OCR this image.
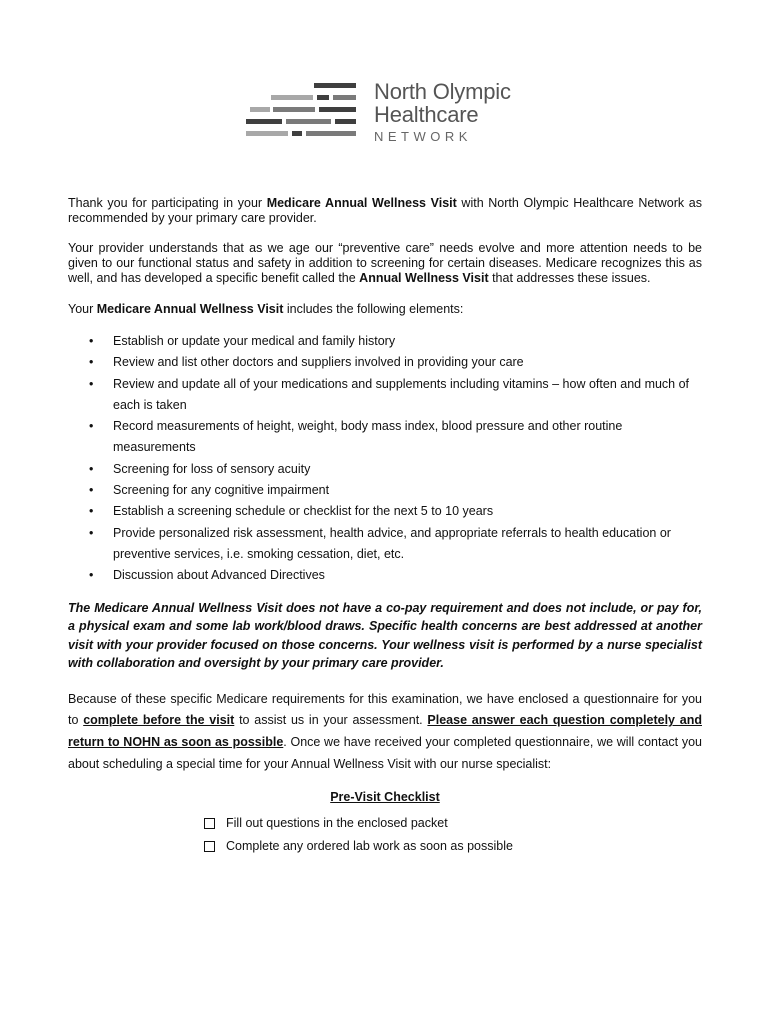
North Olympic
Healthcare
NETWORK

Thank you for participating in your Medicare Annual Wellness Visit with North Olympic Healthcare Network as recommended by your primary care provider.

Your provider understands that as we age our “preventive care” needs evolve and more attention needs to be given to our functional status and safety in addition to screening for certain diseases. Medicare recognizes this as well, and has developed a specific benefit called the Annual Wellness Visit that addresses these issues.

Your Medicare Annual Wellness Visit includes the following elements:

• Establish or update your medical and family history
• Review and list other doctors and suppliers involved in providing your care
• Review and update all of your medications and supplements including vitamins – how often and much of each is taken
• Record measurements of height, weight, body mass index, blood pressure and other routine measurements
• Screening for loss of sensory acuity
• Screening for any cognitive impairment
• Establish a screening schedule or checklist for the next 5 to 10 years
• Provide personalized risk assessment, health advice, and appropriate referrals to health education or preventive services, i.e. smoking cessation, diet, etc.
• Discussion about Advanced Directives

The Medicare Annual Wellness Visit does not have a co-pay requirement and does not include, or pay for, a physical exam and some lab work/blood draws. Specific health concerns are best addressed at another visit with your provider focused on those concerns. Your wellness visit is performed by a nurse specialist with collaboration and oversight by your primary care provider.

Because of these specific Medicare requirements for this examination, we have enclosed a questionnaire for you to complete before the visit to assist us in your assessment. Please answer each question completely and return to NOHN as soon as possible. Once we have received your completed questionnaire, we will contact you about scheduling a special time for your Annual Wellness Visit with our nurse specialist:

Pre-Visit Checklist
Fill out questions in the enclosed packet
Complete any ordered lab work as soon as possible
